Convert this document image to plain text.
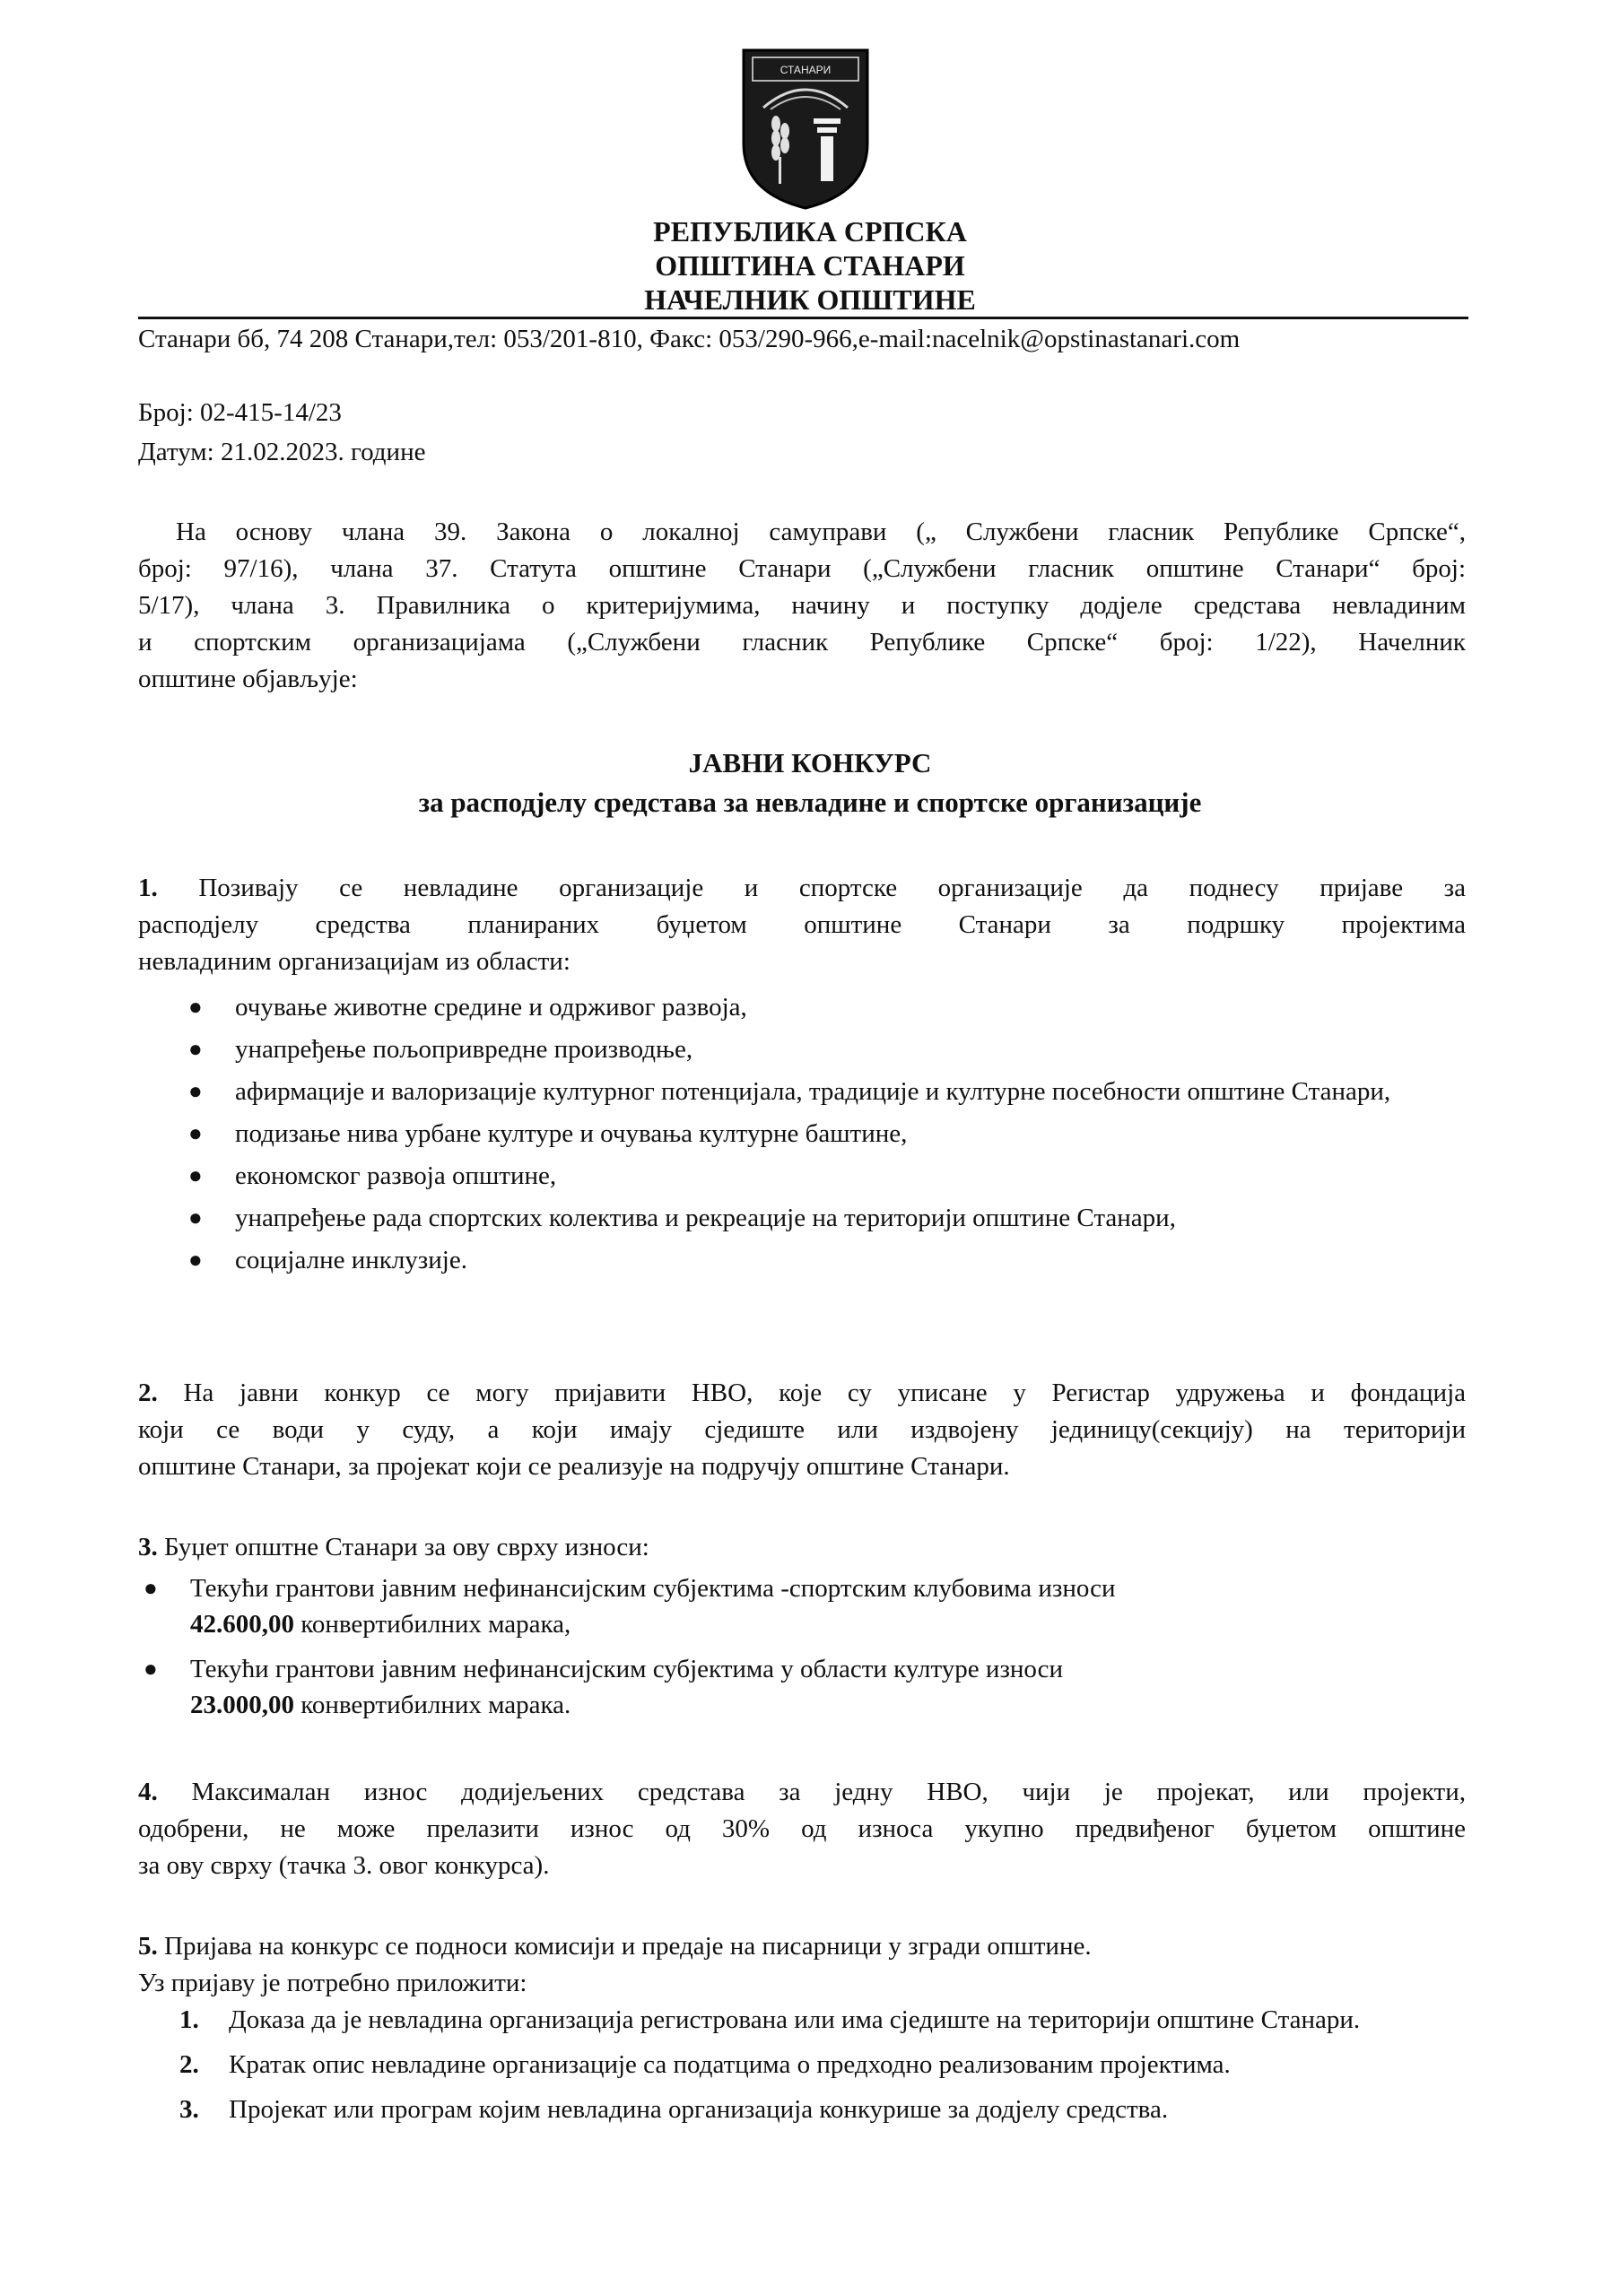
СТАНАРИ
РЕПУБЛИКА СРПСКА
ОПШТИНА СТАНАРИ
НАЧЕЛНИК ОПШТИНЕ
Станари бб, 74 208 Станари,тел: 053/201-810, Факс: 053/290-966,e-mail:nacelnik@opstinastanari.com
Број: 02-415-14/23
Датум: 21.02.2023. године
На основу члана 39. Закона о локалној самуправи („ Службени гласник Републике Српске“,
број: 97/16), члана 37. Статута општине Станари („Службени гласник општине Станари“ број:
5/17), члана 3. Правилника о критеријумима, начину и поступку додјеле средстава невладиним
и спортским организацијама („Службени гласник Републике Српске“ број: 1/22), Начелник
општине објављује:
ЈАВНИ КОНКУРС
за расподјелу средстава за невладине и спортске организације
1. Позивају се невладине организације и спортске организације да поднесу пријаве за
расподјелу средства планираних буџетом општине Станари за подршку пројектима
невладиним организацијам из области:
● очување животне средине и одрживог развоја,
● унапређење пољопривредне производње,
● афирмације и валоризације културног потенцијала, традиције и културне посебности општине Станари,
● подизање нива урбане културе и очувања културне баштине,
● економског развоја општине,
● унапређење рада спортских колектива и рекреације на територији општине Станари,
● социјалне инклузије.
2. На јавни конкур се могу пријавити НВО, које су уписане у Регистар удружења и фондација
који се води у суду, а који имају сједиште или издвојену јединицу(секцију) на територији
општине Станари, за пројекат који се реализује на подручју општине Станари.
3. Буџет општне Станари за ову сврху износи:
● Текући грантови јавним нефинансијским субјектима -спортским клубовима износи
42.600,00 конвертибилних марака,
● Текући грантови јавним нефинансијским субјектима у области културе износи
23.000,00 конвертибилних марака.
4. Максималан износ додијељених средстава за једну НВО, чији је пројекат, или пројекти,
одобрени, не може прелазити износ од 30% од износа укупно предвиђеног буџетом општине
за ову сврху (тачка 3. овог конкурса).
5. Пријава на конкурс се подноси комисији и предаје на писарници у згради општине.
Уз пријаву је потребно приложити:
1. Доказа да је невладина организација регистрована или има сједиште на територији општине Станари.
2. Кратак опис невладине организације са податцима о предходно реализованим пројектима.
3. Пројекат или програм којим невладина организација конкурише за додјелу средства.
